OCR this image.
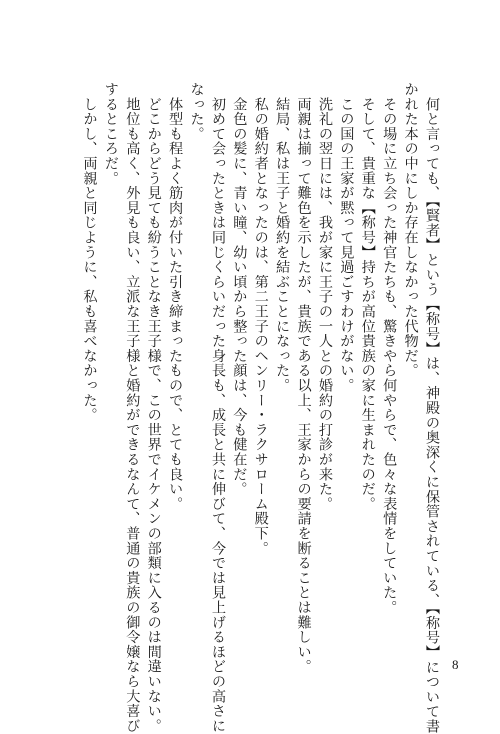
　何と言っても、【賢者】という【称号】は、神殿の奥深くに保管されている、【称号】について書
かれた本の中にしか存在しなかった代物だ。
　その場に立ち会った神官たちも、驚きやら何やらで、色々な表情をしていた。
　そして、貴重な【称号】持ちが高位貴族の家に生まれたのだ。
　この国の王家が黙って見過ごすわけがない。
　洗礼の翌日には、我が家に王子の一人との婚約の打診が来た。
　両親は揃って難色を示したが、貴族である以上、王家からの要請を断ることは難しい。
　結局、私は王子と婚約を結ぶことになった。
　私の婚約者となったのは、第二王子のヘンリー・ラクサローム殿下。
　金色の髪に、青い瞳、幼い頃から整った顔は、今も健在だ。
　初めて会ったときは同じくらいだった身長も、成長と共に伸びて、今では見上げるほどの高さに
なった。
　体型も程よく筋肉が付いた引き締まったもので、とても良い。
　どこからどう見ても紛うことなき王子様で、この世界でイケメンの部類に入るのは間違いない。
　地位も高く、外見も良い、立派な王子様と婚約ができるなんて、普通の貴族の御令嬢なら大喜び
するところだ。
　しかし、両親と同じように、私も喜べなかった。
8
